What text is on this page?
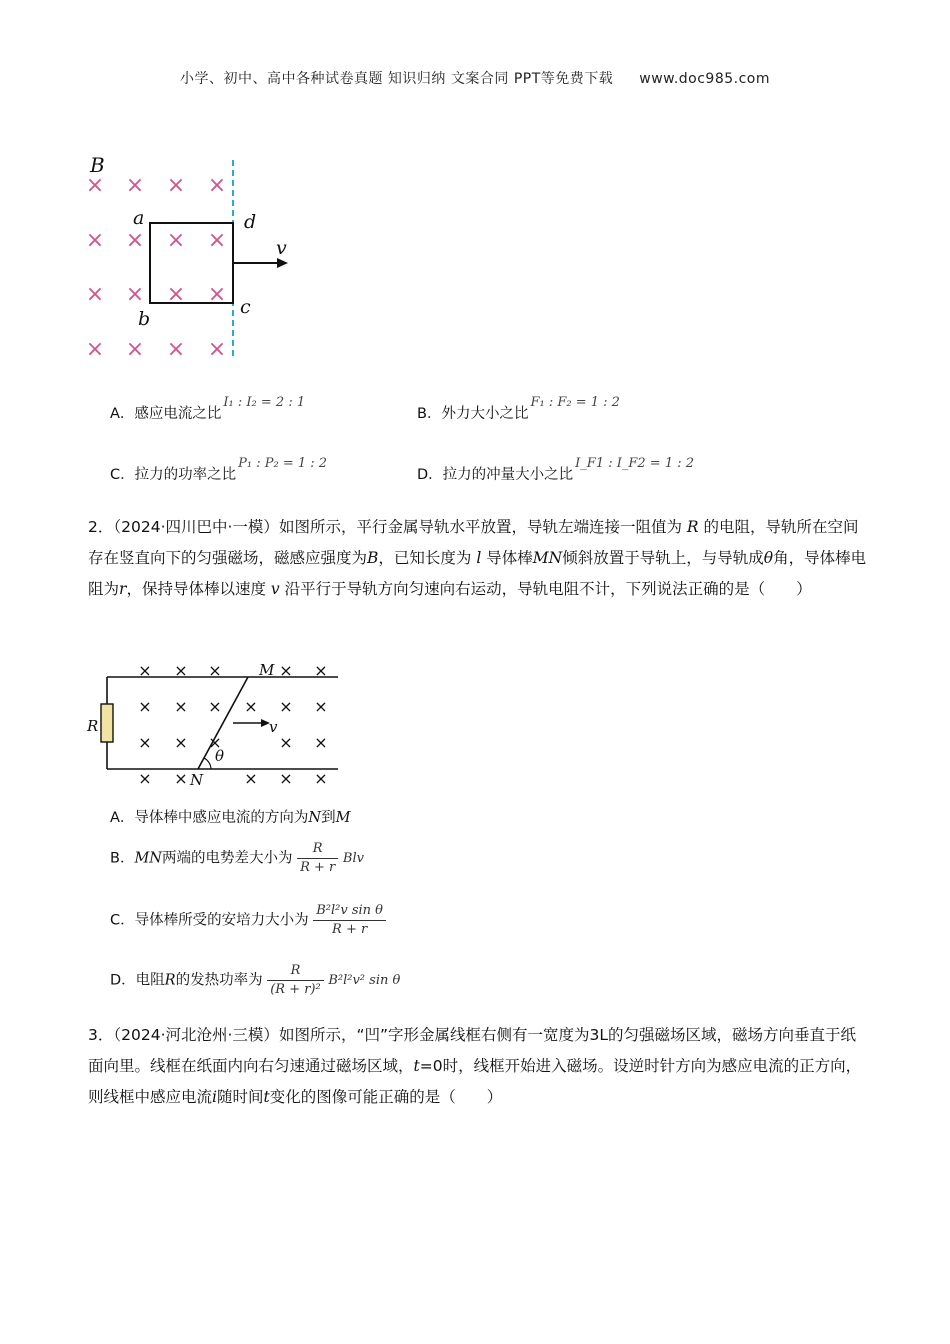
小学、初中、高中各种试卷真题 知识归纳 文案合同 PPT等免费下载 www.doc985.com
B
× × × ×
× × × ×
× × × ×
× × × ×
a	d
b
c
v
A．感应电流之比I₁ : I₂ = 2 : 1
B．外力大小之比F₁ : F₂ = 1 : 2
C．拉力的功率之比P₁ : P₂ = 1 : 2
D．拉力的冲量大小之比I_F1 : I_F2 = 1 : 2
2．（2024·四川巴中·一模）如图所示，平行金属导轨水平放置，导轨左端连接一阻值为 R 的电阻，导轨所在空间存在竖直向下的匀强磁场，磁感应强度为B，已知长度为 l 导体棒MN倾斜放置于导轨上，与导轨成θ角，导体棒电阻为r，保持导体棒以速度 v 沿平行于导轨方向匀速向右运动，导轨电阻不计，下列说法正确的是（　　）
R
× × ×	× ×
× × × × × ×
× × ×	× ×
× ×	× × ×
M
N
v
θ
A．导体棒中感应电流的方向为N到M
B．MN两端的电势差大小为 $\frac{R}{R + r}$ Blv
C．导体棒所受的安培力大小为 $\frac{\text{B²l²v sin θ}}{R + r}$
D．电阻R的发热功率为 $\frac{R}{\text{(R + r)²}} B^2l^2v^2$ sin θ
3．（2024·河北沧州·三模）如图所示，“凹”字形金属线框右侧有一宽度为3L的匀强磁场区域，磁场方向垂直于纸面向里。线框在纸面内向右匀速通过磁场区域，t=0时，线框开始进入磁场。设逆时针方向为感应电流的正方向，则线框中感应电流i随时间t变化的图像可能正确的是（　　）
